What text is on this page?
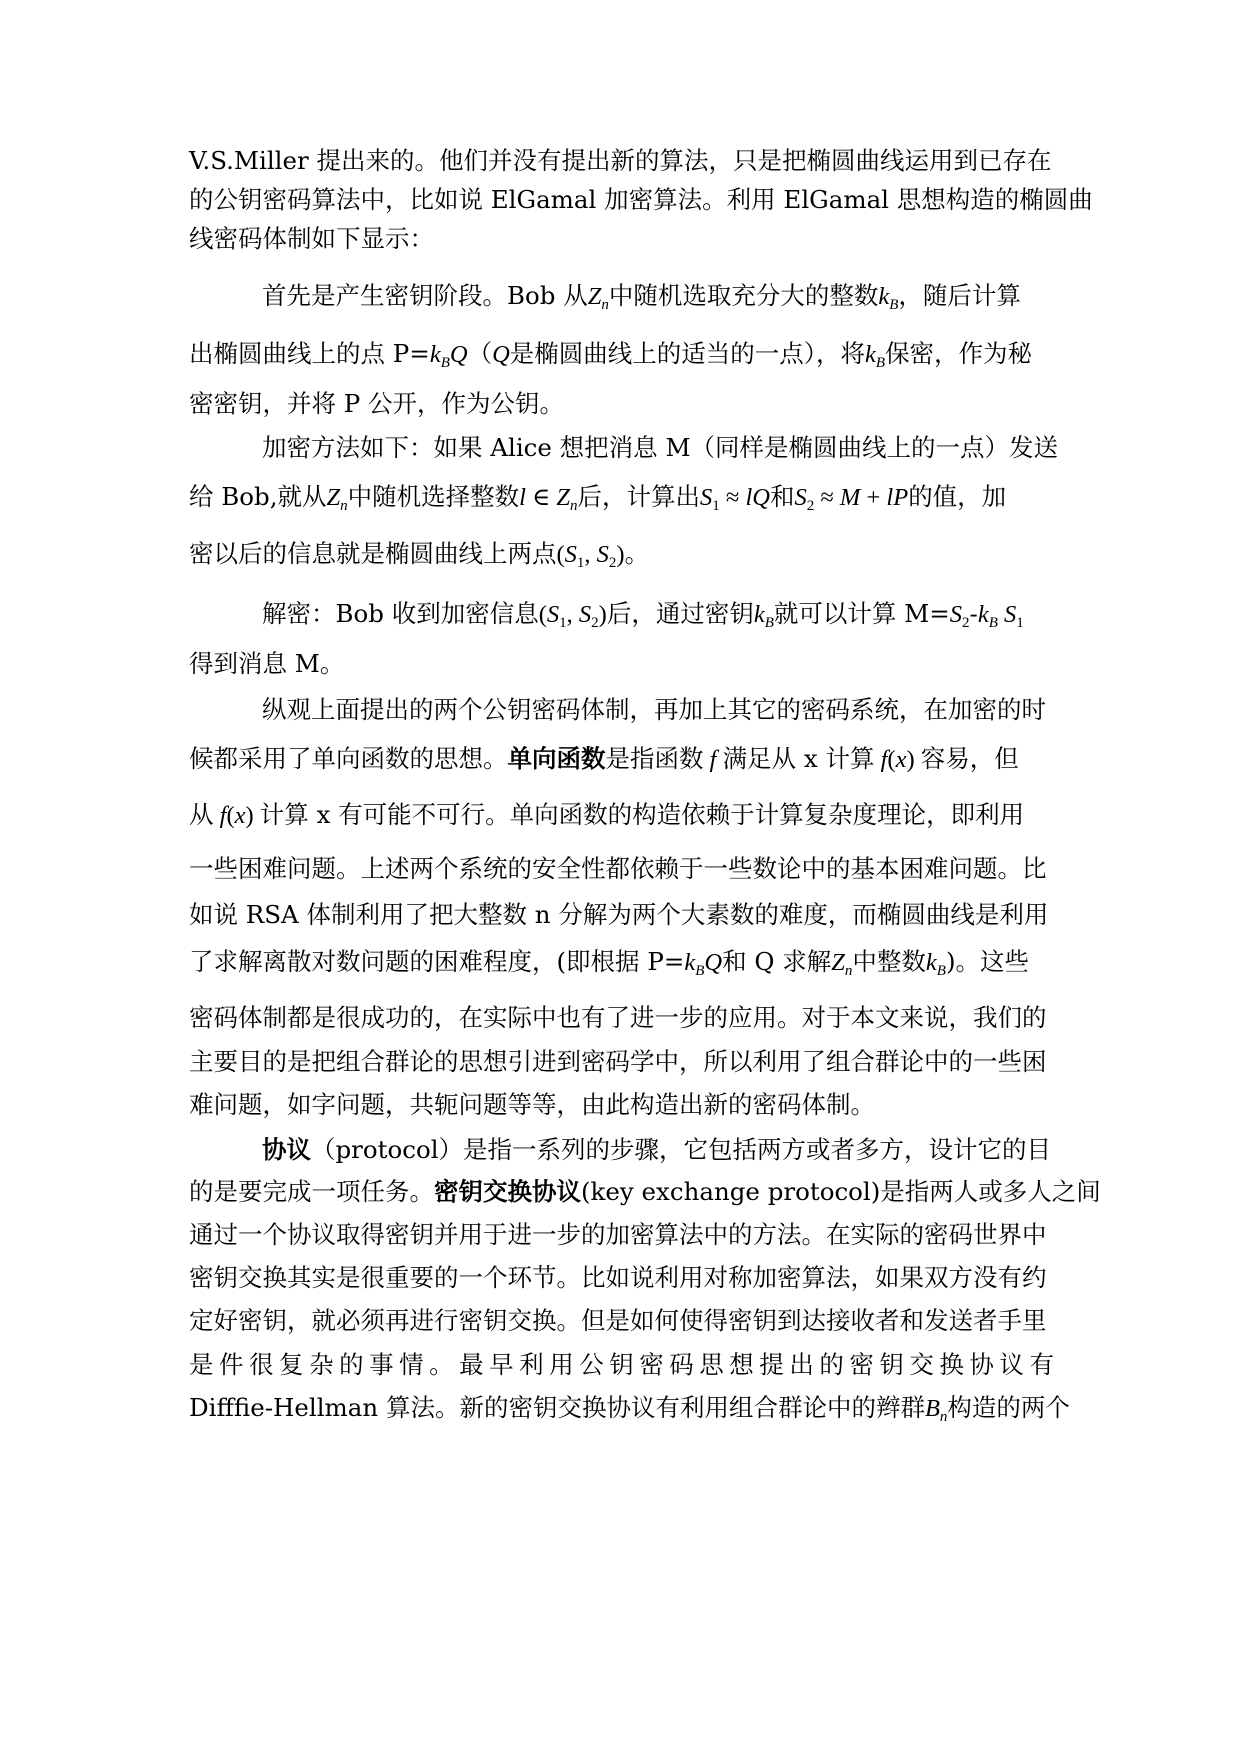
V.S.Miller 提出来的。他们并没有提出新的算法，只是把椭圆曲线运用到已存在
的公钥密码算法中，比如说 ElGamal 加密算法。利用 ElGamal 思想构造的椭圆曲
线密码体制如下显示：
首先是产生密钥阶段。Bob 从$Z_n$中随机选取充分大的整数$k_B$，随后计算
出椭圆曲线上的点 $P=k_BQ(Q$是椭圆曲线上的适当的一点），将$k_B$保密，作为秘
密密钥，并将 P 公开，作为公钥。
加密方法如下：如果 Alice 想把消息 M（同样是椭圆曲线上的一点）发送
给 Bob,就从$Z_n$中随机选择整数l ∈ $Z_n$后，计算出$S_1$ ≈ lQ和$S_2 \approx M$ + lP的值，加
密以后的信息就是椭圆曲线上两点($S_1$, $S_2$)。
解密：Bob 收到加密信息($S_1$, $S_2$)后，通过密钥$k_B$就可以计算 $M=S_2-k_B$ $S_1$
得到消息 M。
纵观上面提出的两个公钥密码体制，再加上其它的密码系统，在加密的时
候都采用了单向函数的思想。单向函数是指函数 f 满足从 x 计算 f(x) 容易，但
从 f(x) 计算 x 有可能不可行。单向函数的构造依赖于计算复杂度理论，即利用
一些困难问题。上述两个系统的安全性都依赖于一些数论中的基本困难问题。比
如说 RSA 体制利用了把大整数 n 分解为两个大素数的难度，而椭圆曲线是利用
了求解离散对数问题的困难程度，(即根据 $P=k_BQ$和 Q 求解$Z_n$中整数$k_B$)。这些
密码体制都是很成功的，在实际中也有了进一步的应用。对于本文来说，我们的
主要目的是把组合群论的思想引进到密码学中，所以利用了组合群论中的一些困
难问题，如字问题，共轭问题等等，由此构造出新的密码体制。
协议（protocol）是指一系列的步骤，它包括两方或者多方，设计它的目
的是要完成一项任务。密钥交换协议(key exchange protocol)是指两人或多人之间
通过一个协议取得密钥并用于进一步的加密算法中的方法。在实际的密码世界中
密钥交换其实是很重要的一个环节。比如说利用对称加密算法，如果双方没有约
定好密钥，就必须再进行密钥交换。但是如何使得密钥到达接收者和发送者手里
是 件 很 复 杂 的 事 情 。 最 早 利 用 公 钥 密 码 思 想 提 出 的 密 钥 交 换 协 议 有
Difffie-Hellman 算法。新的密钥交换协议有利用组合群论中的辫群$B_n$构造的两个
